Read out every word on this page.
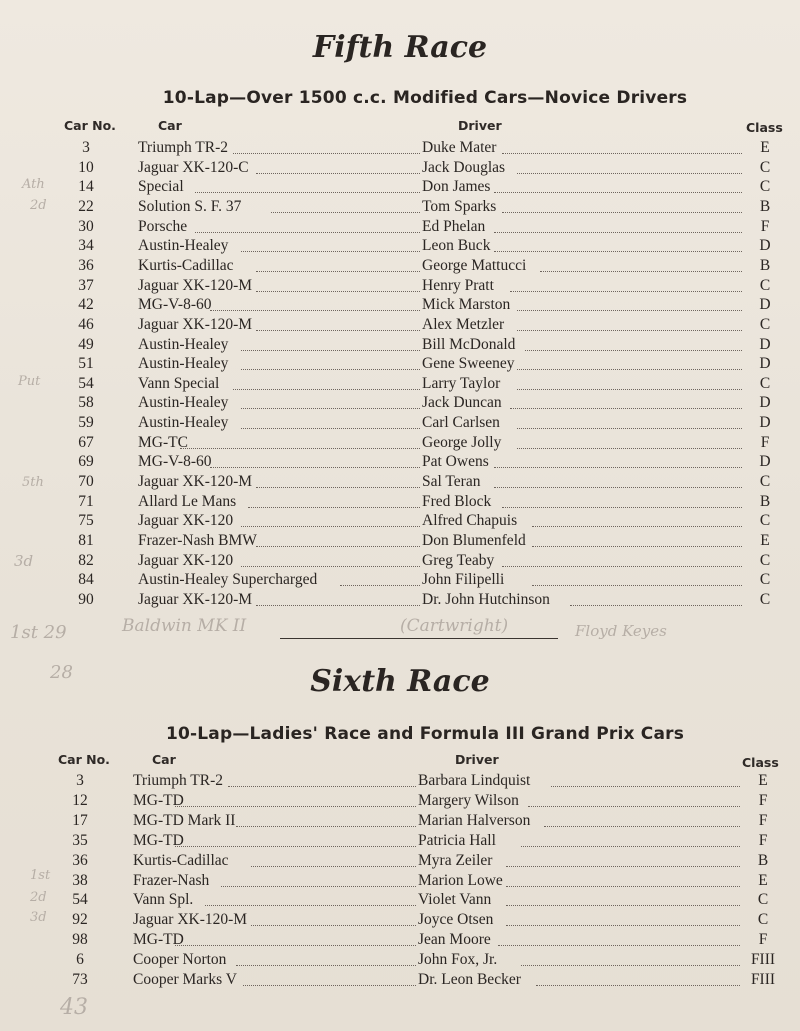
Fifth Race
10-Lap—Over 1500 c.c. Modified Cars—Novice Drivers
Car No.	Car	Driver	Class
3	Triumph TR-2	Duke Mater	E
10	Jaguar XK-120-C	Jack Douglas	C
14	Special	Don James	C
22	Solution S. F. 37	Tom Sparks	B
30	Porsche	Ed Phelan	F
34	Austin-Healey	Leon Buck	D
36	Kurtis-Cadillac	George Mattucci	B
37	Jaguar XK-120-M	Henry Pratt	C
42	MG-V-8-60	Mick Marston	D
46	Jaguar XK-120-M	Alex Metzler	C
49	Austin-Healey	Bill McDonald	D
51	Austin-Healey	Gene Sweeney	D
54	Vann Special	Larry Taylor	C
58	Austin-Healey	Jack Duncan	D
59	Austin-Healey	Carl Carlsen	D
67	MG-TC	George Jolly	F
69	MG-V-8-60	Pat Owens	D
70	Jaguar XK-120-M	Sal Teran	C
71	Allard Le Mans	Fred Block	B
75	Jaguar XK-120	Alfred Chapuis	C
81	Frazer-Nash BMW	Don Blumenfeld	E
82	Jaguar XK-120	Greg Teaby	C
84	Austin-Healey Supercharged	John Filipelli	C
90	Jaguar XK-120-M	Dr. John Hutchinson	C
Sixth Race
10-Lap—Ladies' Race and Formula III Grand Prix Cars
Car No.	Car	Driver	Class
3	Triumph TR-2	Barbara Lindquist	E
12	MG-TD	Margery Wilson	F
17	MG-TD Mark II	Marian Halverson	F
35	MG-TD	Patricia Hall	F
36	Kurtis-Cadillac	Myra Zeiler	B
38	Frazer-Nash	Marion Lowe	E
54	Vann Spl.	Violet Vann	C
92	Jaguar XK-120-M	Joyce Otsen	C
98	MG-TD	Jean Moore	F
6	Cooper Norton	John Fox, Jr.	FIII
73	Cooper Marks V	Dr. Leon Becker	FIII
Ath
2d
Put
5th
3d
1st 29
28
Baldwin MK II	(Cartwright)	Floyd Keyes
1st
2d
3d
43
